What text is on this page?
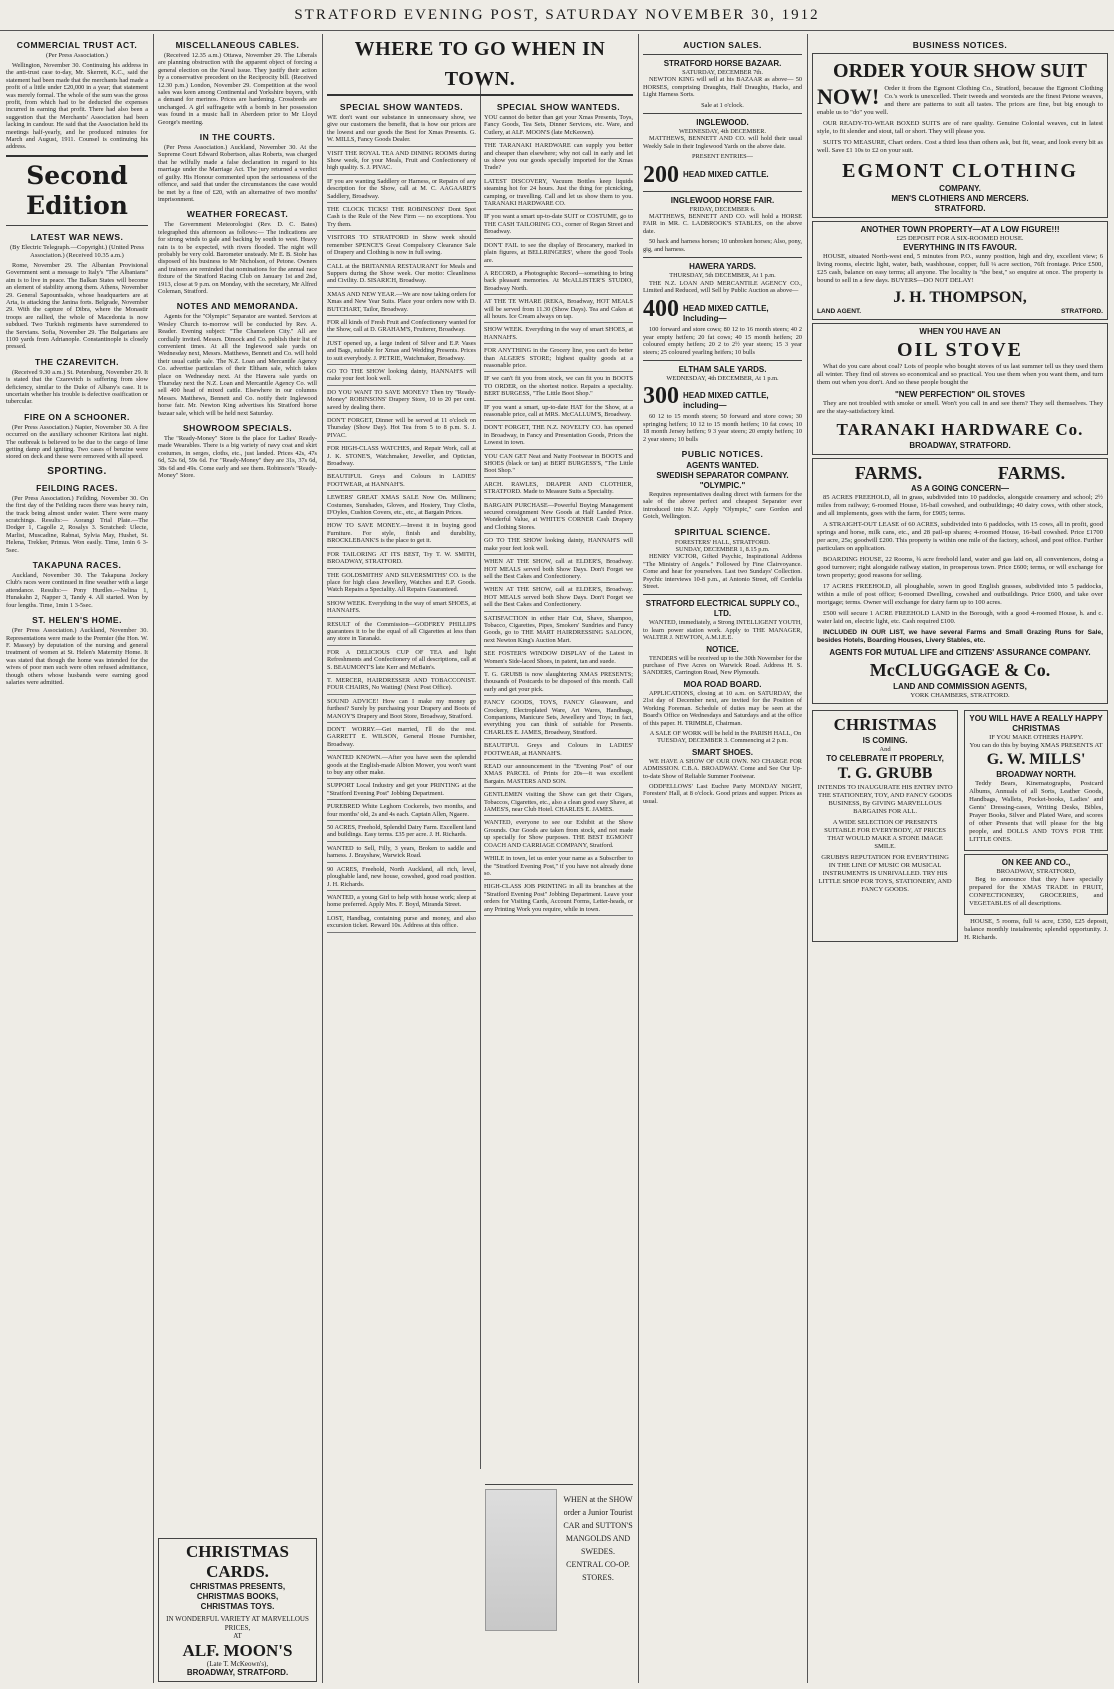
STRATFORD EVENING POST, SATURDAY NOVEMBER 30, 1912
COMMERCIAL TRUST ACT.
(Per Press Association.)

Wellington, November 30. Continuing his address in the anti-trust case to-day, Mr. Skerrett, K.C., said the statement had been made that the merchants had made a profit of a little under £20,000 in a year; that statement was merely formal. The whole of the sum was the gross profit, from which had to be deducted the expenses incurred in earning that profit. There had also been a suggestion that the Merchants' Association had been lacking in candour. He said that the Association held its meetings half-yearly, and he produced minutes for March and August, 1911. Counsel is continuing his address.

Second Edition
LATEST WAR NEWS.
(By Electric Telegraph.—Copyright.) (United Press Association.) (Received 10.35 a.m.)

Rome, November 29. The Albanian Provisional Government sent a message to Italy's "The Albanians" aim is to live in peace. The Balkan States will become an element of stability among them. Athens, November 29. General Sapountsakis, whose headquarters are at Arta, is attacking the Janina forts. Belgrade, November 29. With the capture of Dibra, where the Monastir troops are rallied, the whole of Macedonia is now subdued. Two Turkish regiments have surrendered to the Servians. Sofia, November 29. The Bulgarians are 1100 yards from Adrianople. Constantinople is closely pressed.

THE CZAREVITCH.

(Received 9.30 a.m.) St. Petersburg, November 29. It is stated that the Czarevitch is suffering from slow deficiency, similar to the Duke of Albany's case. It is uncertain whether his trouble is defective ossification or tubercular.

FIRE ON A SCHOONER.

(Per Press Association.) Napier, November 30. A fire occurred on the auxiliary schooner Kiritora last night. The outbreak is believed to be due to the cargo of lime getting damp and igniting. Two cases of benzine were stored on deck and these were removed with all speed.

SPORTING.
FEILDING RACES.

(Per Press Association.) Feilding, November 30. On the first day of the Feilding races there was heavy rain, the track being almost under water. There were many scratchings. Results:— Aorangi Trial Plate.—The Dodger 1, Cagolle 2, Rosalys 3. Scratched: Ulecte, Marlist, Muscadine, Rabnai, Sylvia May, Hushet, St. Helena, Trekker, Primus. Won easily. Time, 1min 6 3-5sec.

TAKAPUNA RACES.

Auckland, November 30. The Takapuna Jockey Club's races were continued in fine weather with a large attendance. Results:— Pony Hurdles.—Nelina 1, Hunakahn 2, Napper 3, Tandy 4. All started. Won by four lengths. Time, 1min 1 3-5sec.

ST. HELEN'S HOME.

(Per Press Association.) Auckland, November 30. Representations were made to the Premier (the Hon. W. F. Massey) by deputation of the nursing and general treatment of women at St. Helen's Maternity Home. It was stated that though the home was intended for the wives of poor men such were often refused admittance, though others whose husbands were earning good salaries were admitted.

MISCELLANEOUS CABLES.

(Received 12.35 a.m.) Ottawa, November 29. The Liberals are planning obstruction with the apparent object of forcing a general election on the Naval issue. They justify their action by a conservative precedent on the Reciprocity bill. (Received 12.30 p.m.) London, November 29. Competition at the wool sales was keen among Continental and Yorkshire buyers, with a demand for merinos. Prices are hardening. Crossbreds are unchanged. A girl suffragette with a bomb in her possession was found in a music hall in Aberdeen prior to Mr Lloyd George's meeting.

IN THE COURTS.

(Per Press Association.) Auckland, November 30. At the Supreme Court Edward Robertson, alias Roberts, was charged that he wilfully made a false declaration in regard to his marriage under the Marriage Act. The jury returned a verdict of guilty. His Honour commented upon the seriousness of the offence, and said that under the circumstances the case would be met by a fine of £20, with an alternative of two months' imprisonment.

WEATHER FORECAST.

The Government Meteorologist (Rev. D. C. Bates) telegraphed this afternoon as follows:— The indications are for strong winds to gale and backing by south to west. Heavy rain is to be expected, with rivers flooded. The night will probably be very cold. Barometer unsteady. Mr E. B. Stohr has disposed of his business to Mr Nicholson, of Petone. Owners and trainers are reminded that nominations for the annual race fixture of the Stratford Racing Club on January 1st and 2nd, 1913, close at 9 p.m. on Monday, with the secretary, Mr Alfred Coleman, Stratford.

NOTES AND MEMORANDA.

Agents for the "Olympic" Separator are wanted. Services at Wesley Church to-morrow will be conducted by Rev. A. Reader. Evening subject: "The Chameleon City." All are cordially invited. Messrs. Dimock and Co. publish their list of convenient times. At all the Inglewood sale yards on Wednesday next, Messrs. Matthews, Bennett and Co. will hold their usual cattle sale. The N.Z. Loan and Mercantile Agency Co. advertise particulars of their Eltham sale, which takes place on Wednesday next. At the Hawera sale yards on Thursday next the N.Z. Loan and Mercantile Agency Co. will sell 400 head of mixed cattle. Elsewhere in our columns Messrs. Matthews, Bennett and Co. notify their Inglewood horse fair. Mr. Newton King advertises his Stratford horse bazaar sale, which will be held next Saturday.

SHOWROOM SPECIALS.

The "Ready-Money" Store is the place for Ladies' Ready-made Wearables. There is a big variety of navy coat and skirt costumes, in serges, cloths, etc., just landed. Prices 42s, 47s 6d, 52s 6d, 59s 6d. For "Ready-Money" they are 31s, 37s 6d, 38s 6d and 49s. Come early and see them. Robinson's "Ready-Money" Store.

CHRISTMAS CARDS.
CHRISTMAS PRESENTS,
CHRISTMAS BOOKS,
CHRISTMAS TOYS.
IN WONDERFUL VARIETY AT MARVELLOUS PRICES,
AT
ALF. MOON'S
(Late T. McKeown's),
BROADWAY, STRATFORD.
WHERE TO GO WHEN IN TOWN.
SPECIAL SHOW WANTEDS.

WE don't want our substance in unnecessary show, we give our customers the benefit, that is how our prices are the lowest and our goods the Best for Xmas Presents. G. W. MILLS, Fancy Goods Dealer.

VISIT THE ROYAL TEA AND DINING ROOMS during Show week, for your Meals, Fruit and Confectionery of high quality. S. J. PIVAC.

IF you are wanting Saddlery or Harness, or Repairs of any description for the Show, call at M. C. AAGAARD'S Saddlery, Broadway.

THE CLOCK TICKS! THE ROBINSONS' Dont Spot Cash is the Rule of the New Firm — no exceptions. You Try them.

VISITORS TO STRATFORD in Show week should remember SPENCE'S Great Compulsory Clearance Sale of Drapery and Clothing is now in full swing.

CALL at the BRITANNIA RESTAURANT for Meals and Suppers during the Show week. Our motto: Cleanliness and Civility. D. SISARICH, Broadway.

XMAS AND NEW YEAR.—We are now taking orders for Xmas and New Year Suits. Place your orders now with D. BUTCHART, Tailor, Broadway.

FOR all kinds of Fresh Fruit and Confectionery wanted for the Show, call at D. GRAHAM'S, Fruiterer, Broadway.

JUST opened up, a large indent of Silver and E.P. Vases and Bags, suitable for Xmas and Wedding Presents. Prices to suit everybody. J. PETRIE, Watchmaker, Broadway.

GO TO THE SHOW looking dainty, HANNAH'S will make your feet look well.

DO YOU WANT TO SAVE MONEY? Then try "Ready-Money" ROBINSONS' Drapery Store, 10 to 20 per cent. saved by dealing there.

DON'T FORGET, Dinner will be served at 11 o'clock on Thursday (Show Day). Hot Tea from 5 to 8 p.m. S. J. PIVAC.

FOR HIGH-CLASS WATCHES, and Repair Work, call at J. K. STONE'S, Watchmaker, Jeweller, and Optician, Broadway.

BEAUTIFUL Greys and Colours in LADIES' FOOTWEAR, at HANNAH'S.

LEWERS' GREAT XMAS SALE Now On. Milliners; Costumes, Sunshades, Gloves, and Hosiery, Tray Cloths, D'Oyles, Cushion Covers, etc., etc., at Bargain Prices.

HOW TO SAVE MONEY.—Invest it in buying good Furniture. For style, finish and durability, BROCKLEBANK'S is the place to get it.

FOR TAILORING AT ITS BEST, Try T. W. SMITH, BROADWAY, STRATFORD.

THE GOLDSMITHS' AND SILVERSMITHS' CO. is the place for high class Jewellery, Watches and E.P. Goods. Watch Repairs a Speciality. All Repairs Guaranteed.

SHOW WEEK. Everything in the way of smart SHOES, at HANNAH'S.

RESULT of the Commission—GODFREY PHILLIPS guarantees it to be the equal of all Cigarettes at less than any store in Taranaki.

FOR A DELICIOUS CUP OF TEA and light Refreshments and Confectionery of all descriptions, call at S. BEAUMONT'S late Kerr and McBain's.

T. MERCER, HAIRDRESSER AND TOBACCONIST. FOUR CHAIRS, No Waiting! (Next Post Office).

SOUND ADVICE! How can I make my money go furthest? Surely by purchasing your Drapery and Boots of MANOY'S Drapery and Boot Store, Broadway, Stratford.

DON'T WORRY.—Get married, I'll do the rest. GARRETT E. WILSON, General House Furnisher, Broadway.

WANTED KNOWN.—After you have seen the splendid goods at the English-made Albion Mower, you won't want to buy any other make.

SUPPORT Local Industry and get your PRINTING at the "Stratford Evening Post" Jobbing Department.

PUREBRED White Leghorn Cockerels, two months, and four months' old, 2s and 4s each. Captain Allen, Ngaere.

50 ACRES, Freehold, Splendid Dairy Farm. Excellent land and buildings. Easy terms. £35 per acre. J. H. Richards.

WANTED to Sell, Filly, 3 years, Broken to saddle and harness. J. Brayshaw, Warwick Road.

90 ACRES, Freehold, North Auckland, all rich, level, ploughable land, new house, cowshed, good road position. J. H. Richards.

WANTED, a young Girl to help with house work; sleep at home preferred. Apply Mrs. F. Boyd, Miranda Street.

LOST, Handbag, containing purse and money, and also excursion ticket. Reward 10s. Address at this office.

SPECIAL SHOW WANTEDS.

YOU cannot do better than get your Xmas Presents, Toys, Fancy Goods, Tea Sets, Dinner Services, etc. Ware, and Cutlery, at ALF. MOON'S (late McKeown).

THE TARANAKI HARDWARE can supply you better and cheaper than elsewhere; why not call in early and let us show you our goods specially imported for the Xmas Trade?

LATEST DISCOVERY, Vacuum Bottles keep liquids steaming hot for 24 hours. Just the thing for picnicking, camping, or travelling. Call and let us show them to you. TARANAKI HARDWARE CO.

IF you want a smart up-to-date SUIT or COSTUME, go to THE CASH TAILORING CO., corner of Regan Street and Broadway.

DON'T FAIL to see the display of Brocanery, marked in plain figures, at BELLRINGERS', where the good Tools are.

A RECORD, a Photographic Record—something to bring back pleasant memories. At McALLISTER'S STUDIO, Broadway North.

AT THE TE WHARE (REKA, Broadway, HOT MEALS will be served from 11.30 (Show Days). Tea and Cakes at all hours. Ice Cream always on tap.

SHOW WEEK. Everything in the way of smart SHOES, at HANNAH'S.

FOR ANYTHING in the Grocery line, you can't do better than ALGER'S STORE; highest quality goods at a reasonable price.

IF we can't fit you from stock, we can fit you in BOOTS TO ORDER, on the shortest notice. Repairs a speciality. BERT BURGESS, "The Little Boot Shop."

IF you want a smart, up-to-date HAT for the Show, at a reasonable price, call at MRS. McCALLUM'S, Broadway.

DON'T FORGET, THE N.Z. NOVELTY CO. has opened in Broadway, in Fancy and Presentation Goods, Prices the Lowest in town.

YOU CAN GET Neat and Natty Footwear in BOOTS and SHOES (black or tan) at BERT BURGESS'S, "The Little Boot Shop."

ARCH. RAWLES, DRAPER AND CLOTHIER, STRATFORD. Made to Measure Suits a Speciality.

BARGAIN PURCHASE—Powerful Buying Management secured consignment New Goods at Half Landed Price. Wonderful Value, at WHITE'S CORNER Cash Drapery and Clothing Stores.

GO TO THE SHOW looking dainty, HANNAH'S will make your feet look well.

WHEN AT THE SHOW, call at ELDER'S, Broadway. HOT MEALS served both Show Days. Don't Forget we sell the Best Cakes and Confectionery.

WHEN AT THE SHOW, call at ELDER'S, Broadway. HOT MEALS served both Show Days. Don't Forget we sell the Best Cakes and Confectionery.

SATISFACTION in either Hair Cut, Shave, Shampoo, Tobacco, Cigarettes, Pipes, Smokers' Sundries and Fancy Goods, go to THE MART HAIRDRESSING SALOON, next Newton King's Auction Mart.

SEE FOSTER'S WINDOW DISPLAY of the Latest in Women's Side-laced Shoes, in patent, tan and suede.

T. G. GRUBB is now slaughtering XMAS PRESENTS; thousands of Postcards to be disposed of this month. Call early and get your pick.

FANCY GOODS, TOYS, FANCY Glassware, and Crockery, Electroplated Ware, Art Wares, Handbags, Companions, Manicure Sets, Jewellery and Toys; in fact, everything you can think of suitable for Presents. CHARLES E. JAMES, Broadway, Stratford.

BEAUTIFUL Greys and Colours in LADIES' FOOTWEAR, at HANNAH'S.

READ our announcement in the "Evening Post" of our XMAS PARCEL of Prints for 20s—it was excellent Bargain. MASTERS AND SON.

GENTLEMEN visiting the Show can get their Cigars, Tobaccos, Cigarettes, etc., also a clean good easy Shave, at JAMES'S, near Club Hotel. CHARLES E. JAMES.

WANTED, everyone to see our Exhibit at the Show Grounds. Our Goods are taken from stock, and not made up specially for Show purposes. THE BEST EGMONT COACH AND CARRIAGE COMPANY, Stratford.

WHILE in town, let us enter your name as a Subscriber to the "Stratford Evening Post," if you have not already done so.

HIGH-CLASS JOB PRINTING in all its branches at the "Stratford Evening Post" Jobbing Department. Leave your orders for Visiting Cards, Account Forms, Letter-heads, or any Printing Work you require, while in town.

WHEN at the SHOW order a Junior Tourist CAR and SUTTON'S MANGOLDS AND SWEDES. CENTRAL CO-OP. STORES.
AUCTION SALES.
STRATFORD HORSE BAZAAR.
SATURDAY, DECEMBER 7th.

NEWTON KING will sell at his BAZAAR as above— 50 HORSES, comprising Draughts, Half Draughts, Hacks, and Light Harness Sorts.

Sale at 1 o'clock.
INGLEWOOD.
WEDNESDAY, 4th DECEMBER.

MATTHEWS, BENNETT AND CO. will hold their usual Weekly Sale in their Inglewood Yards on the above date.

PRESENT ENTRIES—
200 HEAD MIXED CATTLE.
INGLEWOOD HORSE FAIR.
FRIDAY, DECEMBER 6.

MATTHEWS, BENNETT AND CO. will hold a HORSE FAIR in MR. C. LADBROOK'S STABLES, on the above date.

50 hack and harness horses; 10 unbroken horses; Also, pony, gig, and harness.

HAWERA YARDS.
THURSDAY, 5th DECEMBER, At 1 p.m.

THE N.Z. LOAN AND MERCANTILE AGENCY CO., Limited and Reduced, will Sell by Public Auction as above—

400 HEAD MIXED CATTLE, Including—

100 forward and store cows; 80 12 to 16 month steers; 40 2 year empty heifers; 20 fat cows; 40 15 month heifers; 20 coloured empty heifers; 20 2 to 2½ year steers; 15 3 year steers; 25 coloured yearling heifers; 10 bulls

ELTHAM SALE YARDS.
WEDNESDAY, 4th DECEMBER, At 1 p.m.
300 HEAD MIXED CATTLE, including—

60 12 to 15 month steers; 50 forward and store cows; 30 springing heifers; 10 12 to 15 month heifers; 10 fat cows; 10 18 month Jersey heifers; 9 3 year steers; 20 empty heifers; 10 2 year steers; 10 bulls

PUBLIC NOTICES.
AGENTS WANTED.
SWEDISH SEPARATOR COMPANY. "OLYMPIC."

Requires representatives dealing direct with farmers for the sale of the above perfect and cheapest Separator ever introduced into N.Z. Apply "Olympic," care Gordon and Gotch, Wellington.

SPIRITUAL SCIENCE.
FORESTERS' HALL, STRATFORD.
SUNDAY, DECEMBER 1, 8.15 p.m.

HENRY VICTOR, Gifted Psychic, Inspirational Address "The Ministry of Angels." Followed by Fine Clairvoyance. Come and hear for yourselves. Last two Sundays' Collection. Psychic interviews 10-8 p.m., at Antonio Street, off Cordelia Street.

STRATFORD ELECTRICAL SUPPLY CO., LTD.

WANTED, immediately, a Strong INTELLIGENT YOUTH, to learn power station work. Apply to THE MANAGER, WALTER J. NEWTON, A.M.I.E.E.

NOTICE.

TENDERS will be received up to the 30th November for the purchase of Five Acres on Warwick Road. Address H. S. SANDERS, Carrington Road, New Plymouth.

MOA ROAD BOARD.

APPLICATIONS, closing at 10 a.m. on SATURDAY, the 21st day of December next, are invited for the Position of Working Foreman. Schedule of duties may be seen at the Board's Office on Wednesdays and Saturdays and at the office of this paper. H. TRIMBLE, Chairman.

A SALE OF WORK will be held in the PARISH HALL, On TUESDAY, DECEMBER 3. Commencing at 2 p.m.

SMART SHOES.

WE HAVE A SHOW OF OUR OWN. NO CHARGE FOR ADMISSION. C.B.A. BROADWAY. Come and See Our Up-to-date Show of Reliable Summer Footwear.

ODDFELLOWS' Last Euchre Party MONDAY NIGHT, Foresters' Hall, at 8 o'clock. Good prizes and supper. Prices as usual.

BUSINESS NOTICES.
ORDER YOUR SHOW SUIT
NOW! Order it from the Egmont Clothing Co., Stratford, because the Egmont Clothing Co.'s work is unexcelled. Their tweeds and worsteds are the finest Petone weaves, and there are patterns to suit all tastes. The prices are fine, but big enough to enable us to "do" you well.

OUR READY-TO-WEAR BOXED SUITS are of rare quality. Genuine Colonial weaves, cut in latest style, to fit slender and stout, tall or short. They will please you.

SUITS TO MEASURE, Chart orders. Cost a third less than others ask, but fit, wear, and look every bit as well. Save £1 10s to £2 on your suit.

EGMONT CLOTHING
COMPANY.
MEN'S CLOTHIERS AND MERCERS.
STRATFORD.
ANOTHER TOWN PROPERTY—AT A LOW FIGURE!!!
£25 DEPOSIT FOR A SIX-ROOMED HOUSE.
EVERYTHING IN ITS FAVOUR.

HOUSE, situated North-west end, 5 minutes from P.O., sunny position, high and dry, excellent view; 6 living rooms, electric light, water, bath, washhouse, copper, full ¼ acre section, 76ft frontage. Price £500, £25 cash, balance on easy terms; all anyone. The locality is "the best," so enquire at once. The property is bound to sell in a few days. BUYERS—DO NOT DELAY!

J. H. THOMPSON,
LAND AGENT.	STRATFORD.
WHEN YOU HAVE AN
OIL STOVE

What do you care about coal? Lots of people who bought stoves of us last summer tell us they used them all winter. They find oil stoves so economical and so practical. You use them when you want them, and turn them out when you don't. And so these people bought the

"NEW PERFECTION" OIL STOVES

They are not troubled with smoke or smell. Won't you call in and see them? They sell themselves. They are the stay-satisfactory kind.

TARANAKI HARDWARE Co.
BROADWAY, STRATFORD.
FARMS.	FARMS.
AS A GOING CONCERN—

85 ACRES FREEHOLD, all in grass, subdivided into 10 paddocks, alongside creamery and school; 2½ miles from railway; 6-roomed House, 16-bail cowshed, and outbuildings; 40 dairy cows, with other stock, and all implements, goes with the farm, for £905; terms.

A STRAIGHT-OUT LEASE of 60 ACRES, subdivided into 6 paddocks, with 15 cows, all in profit, good springs and horse, milk cans, etc., and 28 pail-up shares; 4-roomed House, 16-bail cowshed. Price £1700 per acre, 25s; goodwill £200. This property is within one mile of the factory, school, and post office. Further particulars on application.

BOARDING HOUSE, 22 Rooms, ¾ acre freehold land, water and gas laid on, all conveniences, doing a good turnover; right alongside railway station, in prosperous town. Price £600; terms, or will exchange for town property; good reasons for selling.

17 ACRES FREEHOLD, all ploughable, sown in good English grasses, subdivided into 5 paddocks, within a mile of post office; 6-roomed Dwelling, cowshed and outbuildings. Price £600, and take over mortgage; terms. Owner will exchange for dairy farm up to 100 acres.

£500 will secure 1 ACRE FREEHOLD LAND in the Borough, with a good 4-roomed House, h. and c. water laid on, electric light, etc. Cash required £100.

INCLUDED IN OUR LIST, we have several Farms and Small Grazing Runs for Sale, besides Hotels, Boarding Houses, Livery Stables, etc.

AGENTS FOR MUTUAL LIFE and CITIZENS' ASSURANCE COMPANY.
McCLUGGAGE & Co.
LAND AND COMMISSION AGENTS,
YORK CHAMBERS, STRATFORD.
CHRISTMAS
IS COMING.
And
TO CELEBRATE IT PROPERLY,
T. G. GRUBB

INTENDS TO INAUGURATE HIS ENTRY INTO THE STATIONERY, TOY, AND FANCY GOODS BUSINESS, By GIVING MARVELLOUS BARGAINS FOR ALL.

A WIDE SELECTION OF PRESENTS SUITABLE FOR EVERYBODY, AT PRICES THAT WOULD MAKE A STONE IMAGE SMILE.

GRUBB'S REPUTATION FOR EVERYTHING IN THE LINE OF MUSIC OR MUSICAL INSTRUMENTS IS UNRIVALLED. TRY HIS LITTLE SHOP FOR TOYS, STATIONERY, AND FANCY GOODS.

YOU WILL HAVE A REALLY HAPPY CHRISTMAS
IF YOU MAKE OTHERS HAPPY.
You can do this by buying XMAS PRESENTS AT
G. W. MILLS'
BROADWAY NORTH.

Teddy Bears, Kinematographs, Postcard Albums, Annuals of all Sorts, Leather Goods, Handbags, Wallets, Pocket-books, Ladies' and Gents' Dressing-cases, Writing Desks, Bibles, Prayer Books, Silver and Plated Ware, and scores of other Presents that will please for the big people, and DOLLS AND TOYS FOR THE LITTLE ONES.

ON KEE AND CO.,
BROADWAY, STRATFORD,

Beg to announce that they have specially prepared for the XMAS TRADE in FRUIT, CONFECTIONERY, GROCERIES, and VEGETABLES of all descriptions.

HOUSE, 5 rooms, full ¼ acre, £350, £25 deposit, balance monthly instalments; splendid opportunity. J. H. Richards.
